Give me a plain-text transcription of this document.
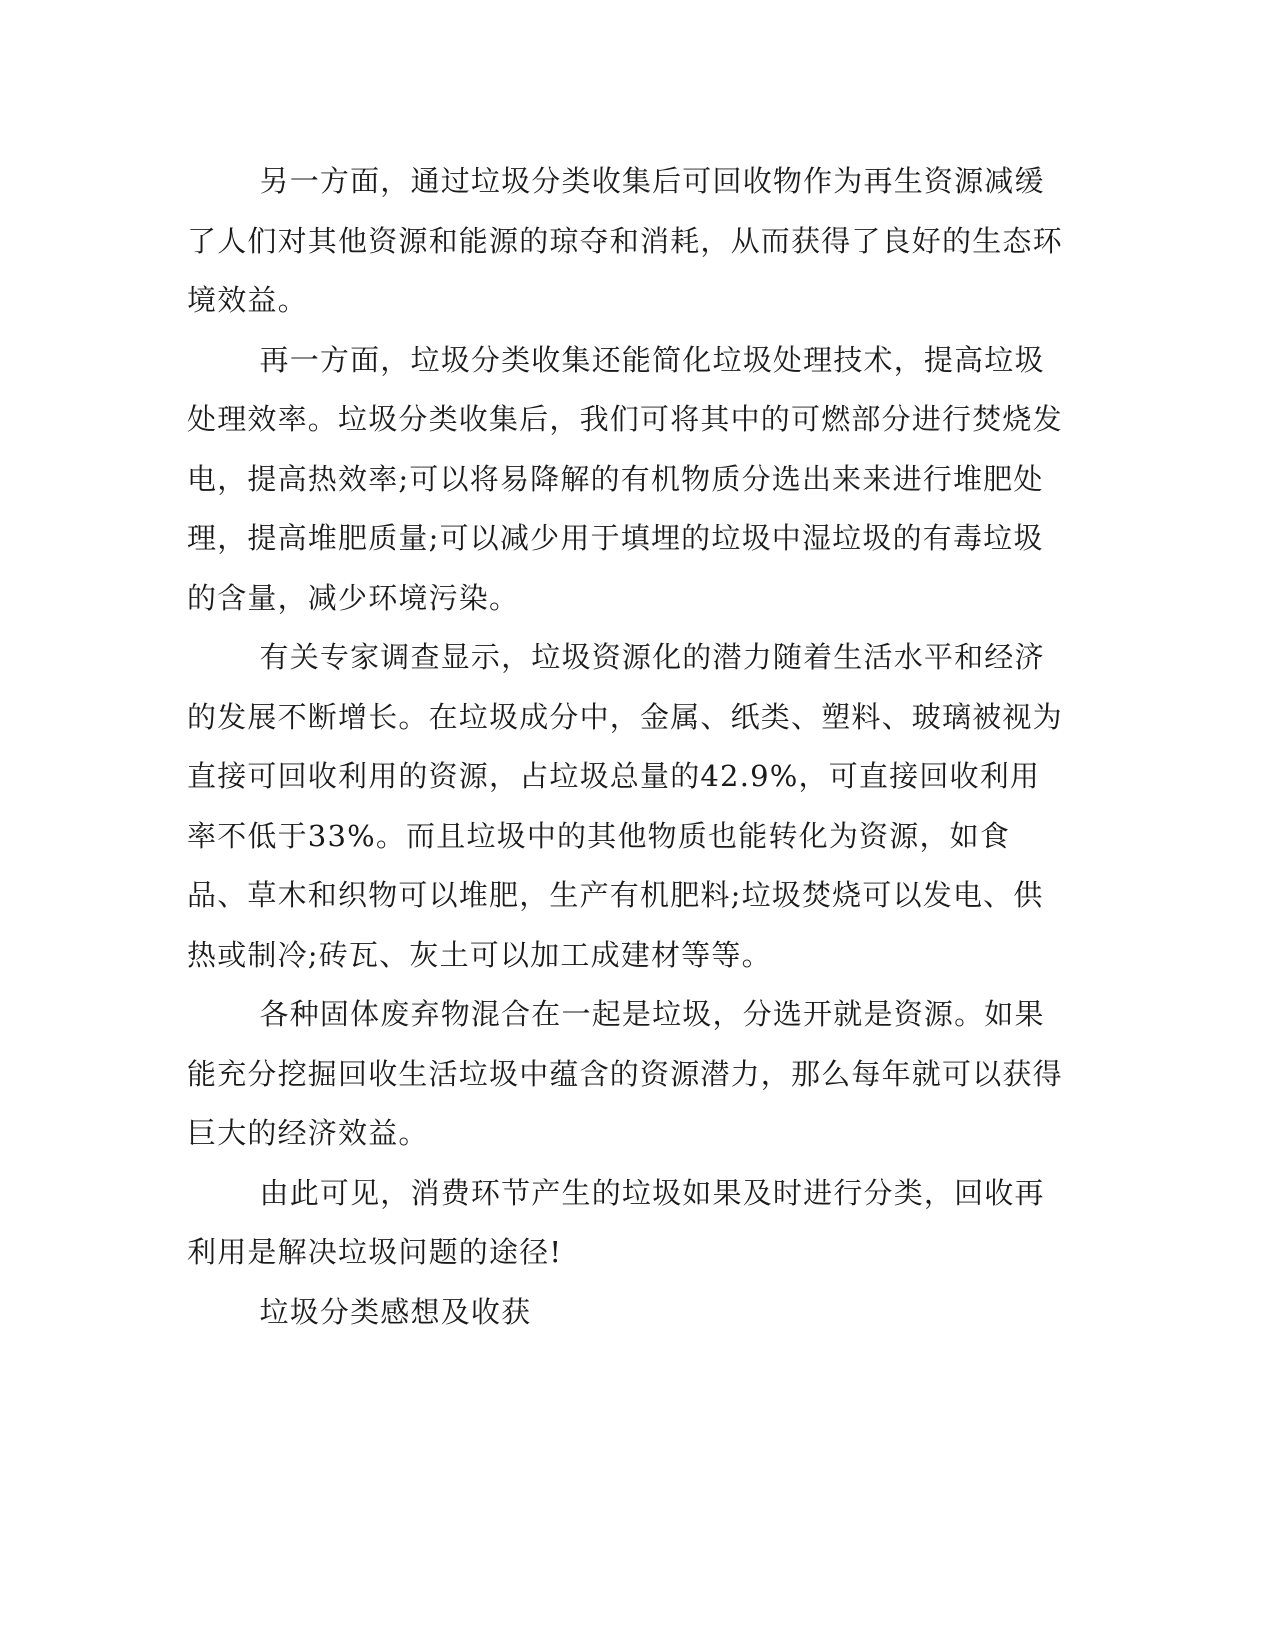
另一方面，通过垃圾分类收集后可回收物作为再生资源减缓了人们对其他资源和能源的琼夺和消耗，从而获得了良好的生态环境效益。

再一方面，垃圾分类收集还能简化垃圾处理技术，提高垃圾处理效率。垃圾分类收集后，我们可将其中的可燃部分进行焚烧发电，提高热效率;可以将易降解的有机物质分选出来来进行堆肥处理，提高堆肥质量;可以减少用于填埋的垃圾中湿垃圾的有毒垃圾的含量，减少环境污染。

有关专家调查显示，垃圾资源化的潜力随着生活水平和经济的发展不断增长。在垃圾成分中，金属、纸类、塑料、玻璃被视为直接可回收利用的资源，占垃圾总量的42.9%，可直接回收利用率不低于33%。而且垃圾中的其他物质也能转化为资源，如食品、草木和织物可以堆肥，生产有机肥料;垃圾焚烧可以发电、供热或制冷;砖瓦、灰土可以加工成建材等等。

各种固体废弃物混合在一起是垃圾，分选开就是资源。如果能充分挖掘回收生活垃圾中蕴含的资源潜力，那么每年就可以获得巨大的经济效益。

由此可见，消费环节产生的垃圾如果及时进行分类，回收再利用是解决垃圾问题的途径!

垃圾分类感想及收获
